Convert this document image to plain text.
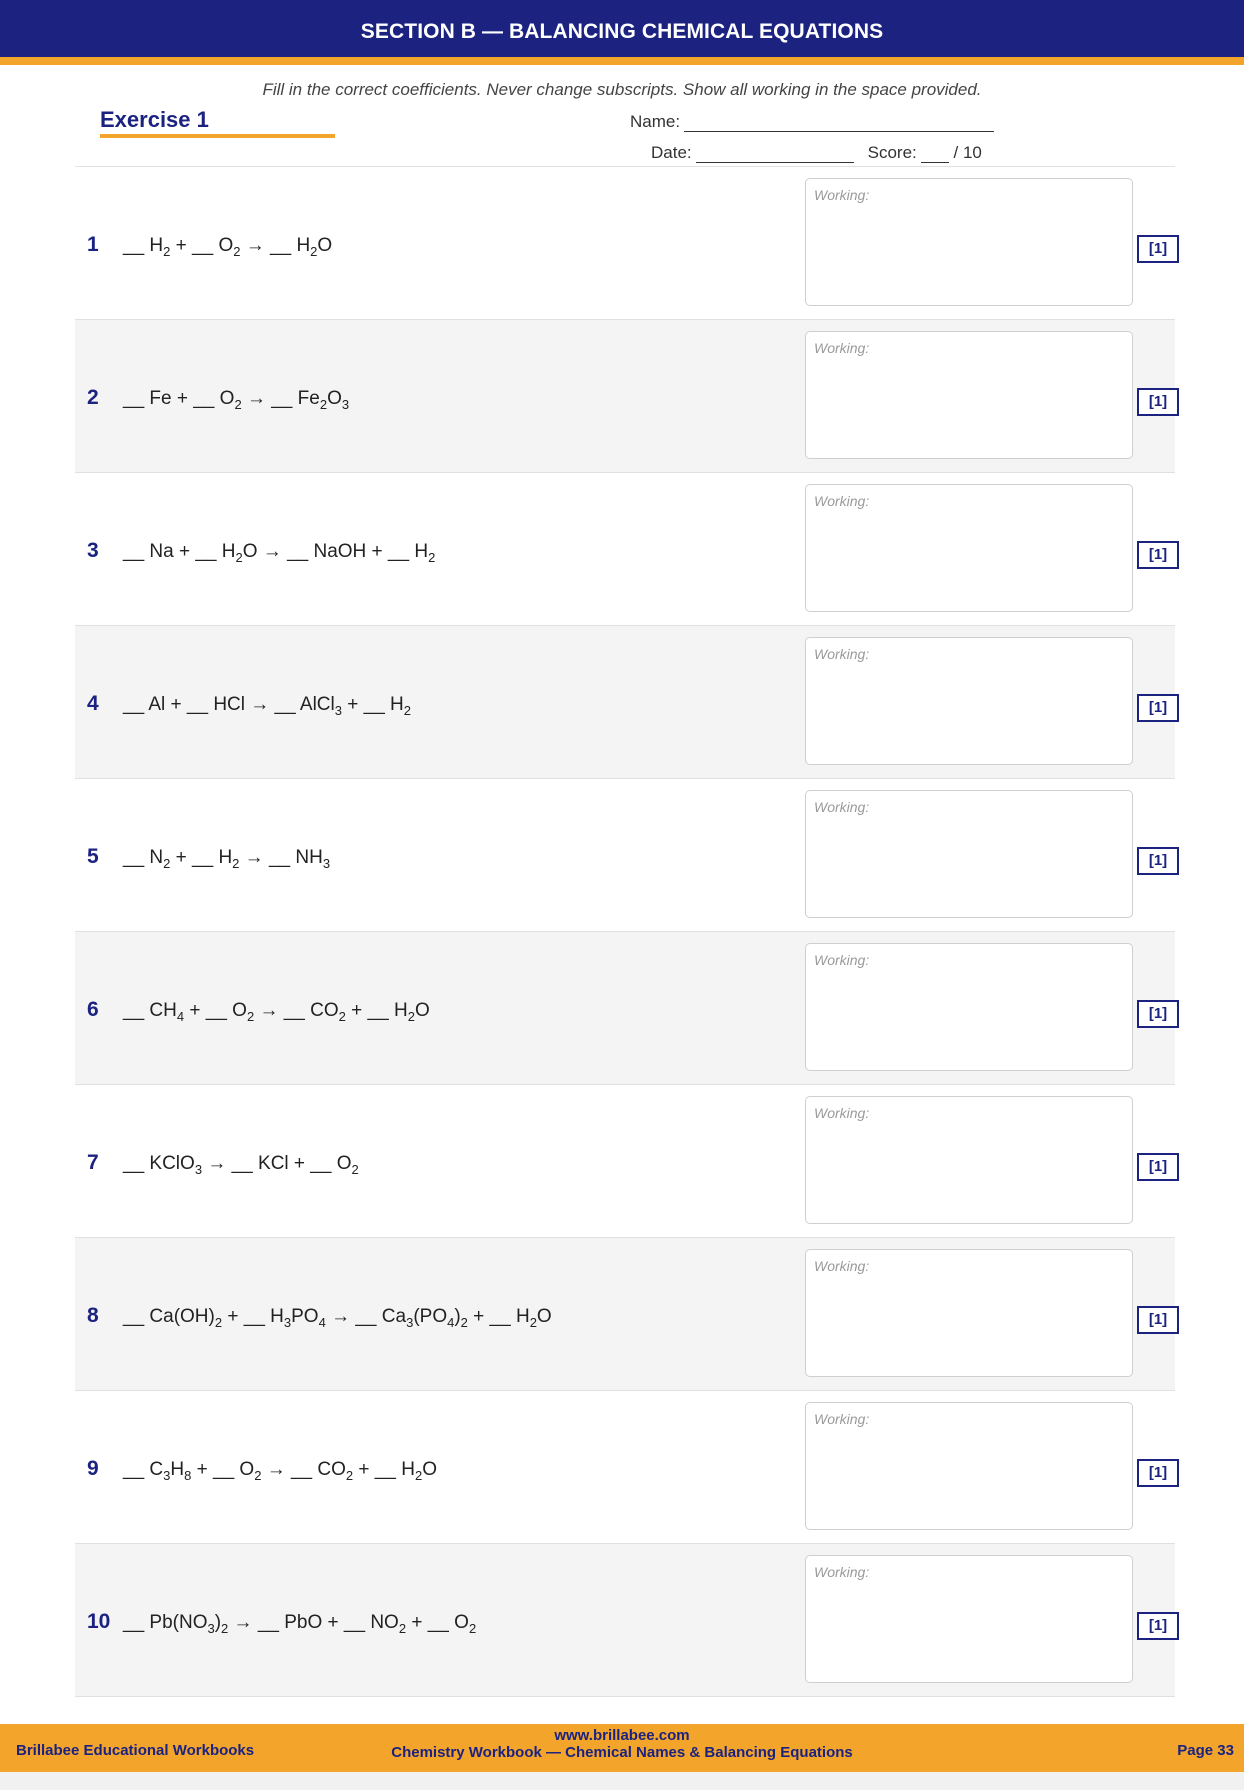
SECTION B — BALANCING CHEMICAL EQUATIONS
Fill in the correct coefficients. Never change subscripts. Show all working in the space provided.
Exercise 1	Name:
Date:	Score: / 10
1 __ $H_2$ + __ $O_2$ → __ $H_2O$
Working:
[1]
2 __ Fe + __ $O_2$ → __ $Fe_2O_3$
Working:
[1]
3 __ Na + __ $H_2O$ → __ NaOH + __ $H_2$
Working:
[1]
4 __ Al + __ HCl → __ AlCl$_3$ + __ $H_2$
Working:
[1]
5 __ $N_2$ + __ $H_2$ → __ $NH_3$
Working:
[1]
6 __ $CH_4$ + __ $O_2$ → __ $CO_2$ + __ $H_2O$
Working:
[1]
7 __ KClO$_3$ → __ KCl + __ $O_2$
Working:
[1]
8 __ $Ca(OH)_2$ + __ $H_3PO_4$ → __ $Ca_3(PO_4)_2$ + __ $H_2O$
Working:
[1]
9 __ $C_3H_8$ + __ $O_2$ → __ $CO_2$ + __ $H_2O$
Working:
[1]
10 __ $Pb(NO_3)_2$ → __ PbO + __ $NO_2$ + __ $O_2$
Working:
[1]
Brillabee Educational Workbooks
www.brillabee.com
Chemistry Workbook — Chemical Names & Balancing Equations	Page 33
